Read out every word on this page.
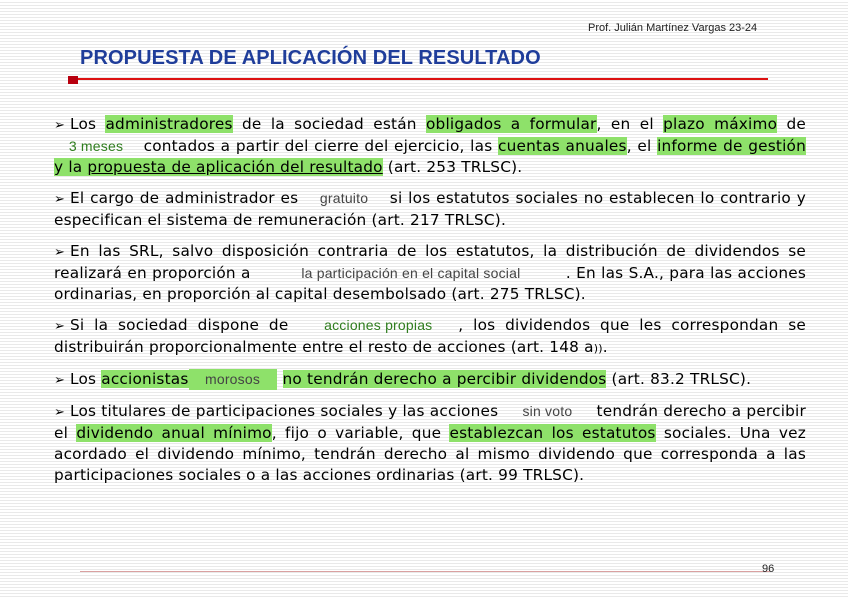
Prof. Julián Martínez Vargas 23-24
PROPUESTA DE APLICACIÓN DEL RESULTADO

➢ Los administradores de la sociedad están obligados a formular, en el plazo máximo de 3 meses contados a partir del cierre del ejercicio, las cuentas anuales, el informe de gestión y la propuesta de aplicación del resultado (art. 253 TRLSC).

➢ El cargo de administrador es gratuito si los estatutos sociales no establecen lo contrario y especifican el sistema de remuneración (art. 217 TRLSC).

➢ En las SRL, salvo disposición contraria de los estatutos, la distribución de dividendos se realizará en proporción a	la participación en el capital social	. En las S.A., para las acciones ordinarias, en proporción al capital desembolsado (art. 275 TRLSC).

➢ Si la sociedad dispone de acciones propias , los dividendos que les correspondan se distribuirán proporcionalmente entre el resto de acciones (art. 148 a)).

➢ Los accionistas morosos no tendrán derecho a percibir dividendos (art. 83.2 TRLSC).

➢ Los titulares de participaciones sociales y las acciones sin voto tendrán derecho a percibir el dividendo anual mínimo, fijo o variable, que establezcan los estatutos sociales. Una vez acordado el dividendo mínimo, tendrán derecho al mismo dividendo que corresponda a las participaciones sociales o a las acciones ordinarias (art. 99 TRLSC).

96
